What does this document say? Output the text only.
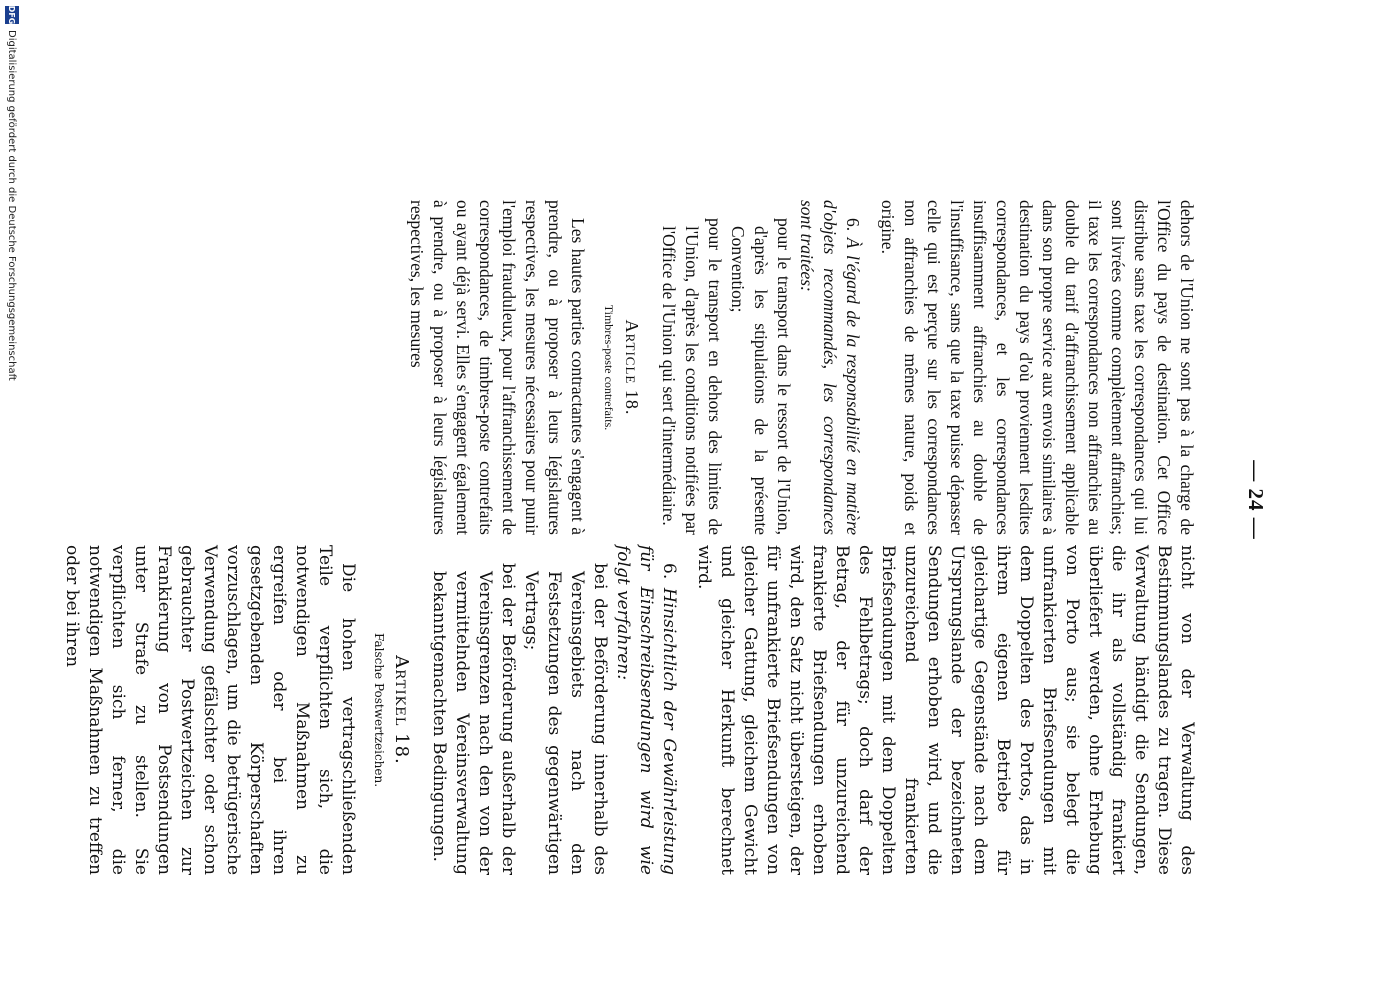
— 24 —

dehors de l'Union ne sont pas à la charge de l'Office du pays de destination. Cet Office distribue sans taxe les correspondances qui lui sont livrées comme complètement affranchies; il taxe les correspondances non affranchies au double du tarif d'affranchissement applicable dans son propre service aux envois similaires à destination du pays d'où proviennent lesdites correspondances, et les correspondances insuffisamment affranchies au double de l'insuffisance, sans que la taxe puisse dépasser celle qui est perçue sur les correspondances non affranchies de mêmes nature, poids et origine.

6. À l'égard de la responsabilité en matière d'objets recommandés, les correspondances sont traitées:

pour le transport dans le ressort de l'Union, d'après les stipulations de la présente Convention;

pour le transport en dehors des limites de l'Union, d'après les conditions notifiées par l'Office de l'Union qui sert d'intermédiaire.

Article 18.

Timbres-poste contrefaits.

Les hautes parties contractantes s'engagent à prendre, ou à proposer à leurs législatures respectives, les mesures nécessaires pour punir l'emploi frauduleux, pour l'affranchissement de correspondances, de timbres-poste contrefaits ou ayant déjà servi. Elles s'engagent également à prendre, ou à proposer à leurs législatures respectives, les mesures

nicht von der Verwaltung des Bestimmungslandes zu tragen. Diese Verwaltung händigt die Sendungen, die ihr als vollständig frankiert überliefert werden, ohne Erhebung von Porto aus; sie belegt die unfrankierten Briefsendungen mit dem Doppelten des Portos, das in ihrem eigenen Betriebe für gleichartige Gegenstände nach dem Ursprungslande der bezeichneten Sendungen erhoben wird, und die unzureichend frankierten Briefsendungen mit dem Doppelten des Fehlbetrags; doch darf der Betrag, der für unzureichend frankierte Briefsendungen erhoben wird, den Satz nicht übersteigen, der für unfrankierte Briefsendungen von gleicher Gattung, gleichem Gewicht und gleicher Herkunft berechnet wird.

6. Hinsichtlich der Gewährleistung für Einschreibsendungen wird wie folgt verfahren:

bei der Beförderung innerhalb des Vereinsgebiets nach den Festsetzungen des gegenwärtigen Vertrags;

bei der Beförderung außerhalb der Vereinsgrenzen nach den von der vermittelnden Vereinsverwaltung bekanntgemachten Bedingungen.

Artikel 18.

Falsche Postwertzeichen.

Die hohen vertragschließenden Teile verpflichten sich, die notwendigen Maßnahmen zu ergreifen oder bei ihren gesetzgebenden Körperschaften vorzuschlagen, um die betrügerische Verwendung gefälschter oder schon gebrauchter Postwertzeichen zur Frankierung von Postsendungen unter Strafe zu stellen. Sie verpflichten sich ferner, die notwendigen Maßnahmen zu treffen oder bei ihren

DFG
Digitalisierung gefördert durch die Deutsche Forschungsgemeinschaft
